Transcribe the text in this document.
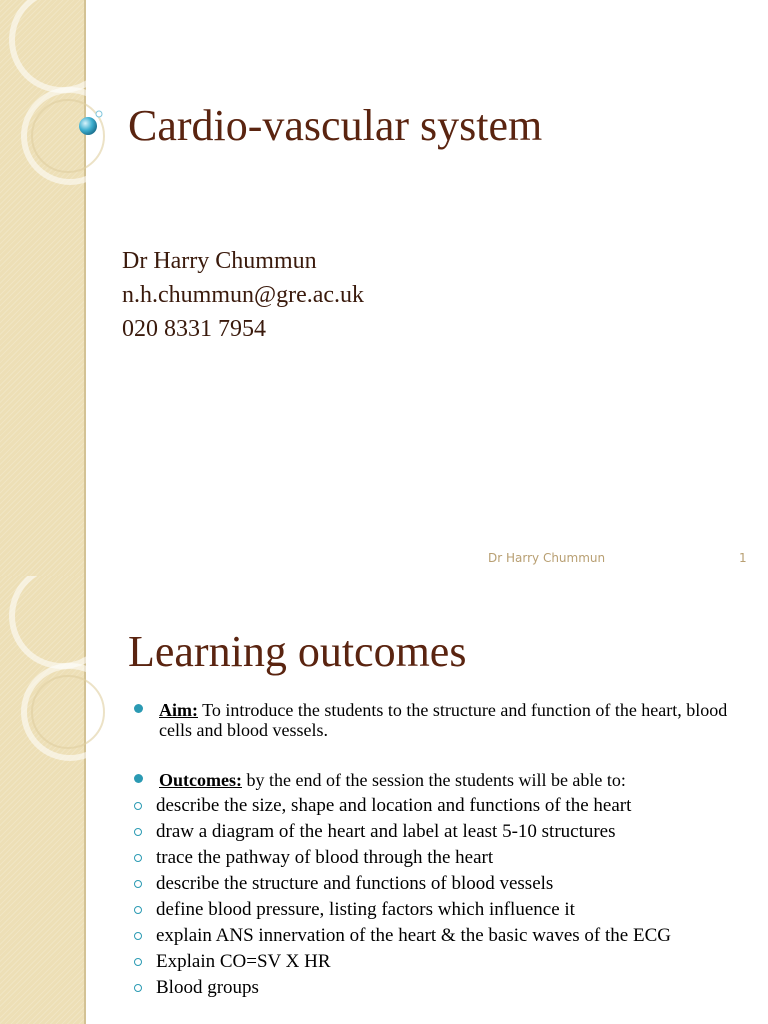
Cardio-vascular system
Dr Harry Chummun
n.h.chummun@gre.ac.uk
020 8331 7954
Dr Harry Chummun	1
Learning outcomes
Aim: To introduce the students to the structure and function of the heart, blood cells and blood vessels.
Outcomes: by the end of the session the students will be able to:
describe the size, shape and location and functions of the heart
draw a diagram of the heart and label at least 5-10 structures
trace the pathway of blood through the heart
describe the structure and functions of blood vessels
define blood pressure, listing factors which influence it
explain ANS innervation of the heart & the basic waves of the ECG
Explain CO=SV X HR
Blood groups
